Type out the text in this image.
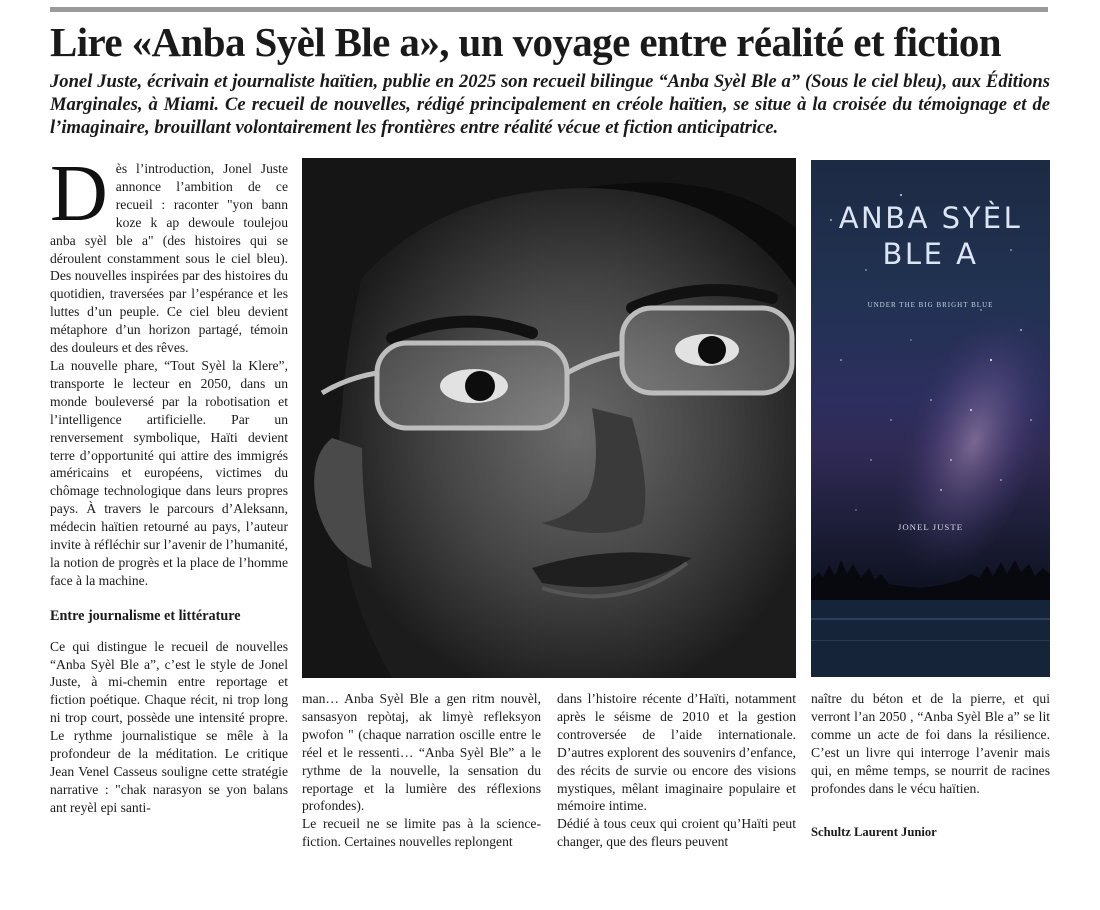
Lire «Anba Syèl Ble a», un voyage entre réalité et fiction
Jonel Juste, écrivain et journaliste haïtien, publie en 2025 son recueil bilingue “Anba Syèl Ble a” (Sous le ciel bleu), aux Éditions Marginales, à Miami. Ce recueil de nouvelles, rédigé principalement en créole haïtien, se situe à la croisée du témoignage et de l’imaginaire, brouillant volontairement les frontières entre réalité vécue et fiction anticipatrice.

Dès l’introduction, Jonel Juste annonce l’ambition de ce recueil : raconter "yon bann koze k ap dewoule toulejou anba syèl ble a" (des histoires qui se déroulent constamment sous le ciel bleu). Des nouvelles inspirées par des histoires du quotidien, traversées par l’espérance et les luttes d’un peuple. Ce ciel bleu devient métaphore d’un horizon partagé, témoin des douleurs et des rêves.

La nouvelle phare, “Tout Syèl la Klere”, transporte le lecteur en 2050, dans un monde bouleversé par la robotisation et l’intelligence artificielle. Par un renversement symbolique, Haïti devient terre d’opportunité qui attire des immigrés américains et européens, victimes du chômage technologique dans leurs propres pays. À travers le parcours d’Aleksann, médecin haïtien retourné au pays, l’auteur invite à réfléchir sur l’avenir de l’humanité, la notion de progrès et la place de l’homme face à la machine.

Entre journalisme et littérature

Ce qui distingue le recueil de nouvelles “Anba Syèl Ble a”, c’est le style de Jonel Juste, à mi-chemin entre reportage et fiction poétique. Chaque récit, ni trop long ni trop court, possède une intensité propre. Le rythme journalistique se mêle à la profondeur de la méditation. Le critique Jean Venel Casseus souligne cette stratégie narrative : "chak narasyon se yon balans ant reyèl epi santi-

ANBA SYÈL
BLE A
UNDER THE BIG BRIGHT BLUE
JONEL JUSTE

man… Anba Syèl Ble a gen ritm nouvèl, sansasyon repòtaj, ak limyè refleksyon pwofon " (chaque narration oscille entre le réel et le ressenti… “Anba Syèl Ble” a le rythme de la nouvelle, la sensation du reportage et la lumière des réflexions profondes).

Le recueil ne se limite pas à la science-fiction. Certaines nouvelles replongent

dans l’histoire récente d’Haïti, notamment après le séisme de 2010 et la gestion controversée de l’aide internationale. D’autres explorent des souvenirs d’enfance, des récits de survie ou encore des visions mystiques, mêlant imaginaire populaire et mémoire intime.

Dédié à tous ceux qui croient qu’Haïti peut changer, que des fleurs peuvent

naître du béton et de la pierre, et qui verront l’an 2050 , “Anba Syèl Ble a” se lit comme un acte de foi dans la résilience. C’est un livre qui interroge l’avenir mais qui, en même temps, se nourrit de racines profondes dans le vécu haïtien.

Schultz Laurent Junior
